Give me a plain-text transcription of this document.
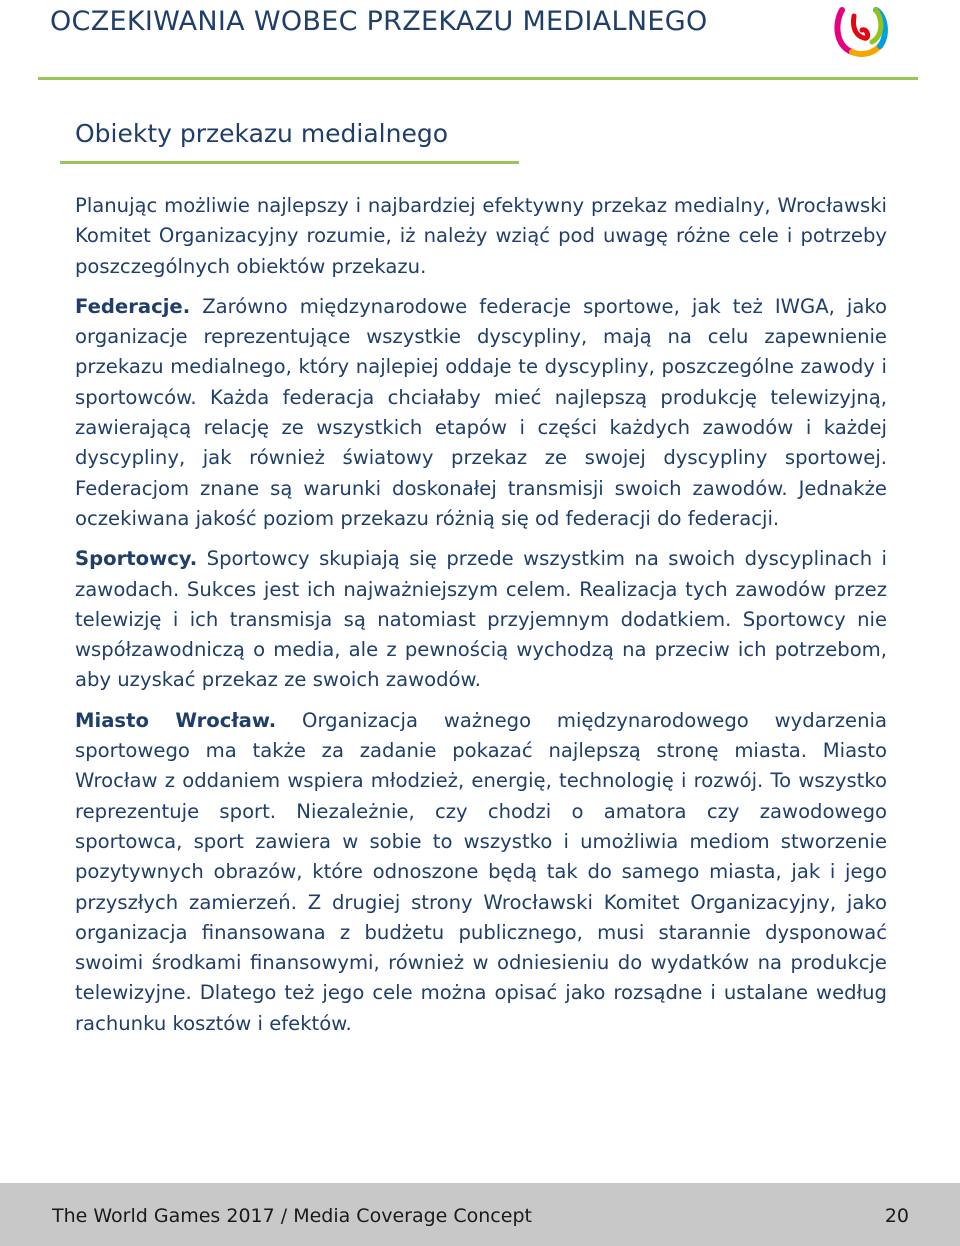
OCZEKIWANIA WOBEC PRZEKAZU MEDIALNEGO
Obiekty przekazu medialnego

Planując możliwie najlepszy i najbardziej efektywny przekaz medialny, Wrocławski Komitet Organizacyjny rozumie, iż należy wziąć pod uwagę różne cele i potrzeby poszczególnych obiektów przekazu.

Federacje. Zarówno międzynarodowe federacje sportowe, jak też IWGA, jako organizacje reprezentujące wszystkie dyscypliny, mają na celu zapewnienie przekazu medialnego, który najlepiej oddaje te dyscypliny, poszczególne zawody i sportowców. Każda federacja chciałaby mieć najlepszą produkcję telewizyjną, zawierającą relację ze wszystkich etapów i części każdych zawodów i każdej dyscypliny, jak również światowy przekaz ze swojej dyscypliny sportowej. Federacjom znane są warunki doskonałej transmisji swoich zawodów. Jednakże oczekiwana jakość poziom przekazu różnią się od federacji do federacji.

Sportowcy. Sportowcy skupiają się przede wszystkim na swoich dyscyplinach i zawodach. Sukces jest ich najważniejszym celem. Realizacja tych zawodów przez telewizję i ich transmisja są natomiast przyjemnym dodatkiem. Sportowcy nie współzawodniczą o media, ale z pewnością wychodzą na przeciw ich potrzebom, aby uzyskać przekaz ze swoich zawodów.

Miasto Wrocław. Organizacja ważnego międzynarodowego wydarzenia sportowego ma także za zadanie pokazać najlepszą stronę miasta. Miasto Wrocław z oddaniem wspiera młodzież, energię, technologię i rozwój. To wszystko reprezentuje sport. Niezależnie, czy chodzi o amatora czy zawodowego sportowca, sport zawiera w sobie to wszystko i umożliwia mediom stworzenie pozytywnych obrazów, które odnoszone będą tak do samego miasta, jak i jego przyszłych zamierzeń. Z drugiej strony Wrocławski Komitet Organizacyjny, jako organizacja finansowana z budżetu publicznego, musi starannie dysponować swoimi środkami finansowymi, również w odniesieniu do wydatków na produkcje telewizyjne. Dlatego też jego cele można opisać jako rozsądne i ustalane według rachunku kosztów i efektów.

The World Games 2017 / Media Coverage Concept	20
